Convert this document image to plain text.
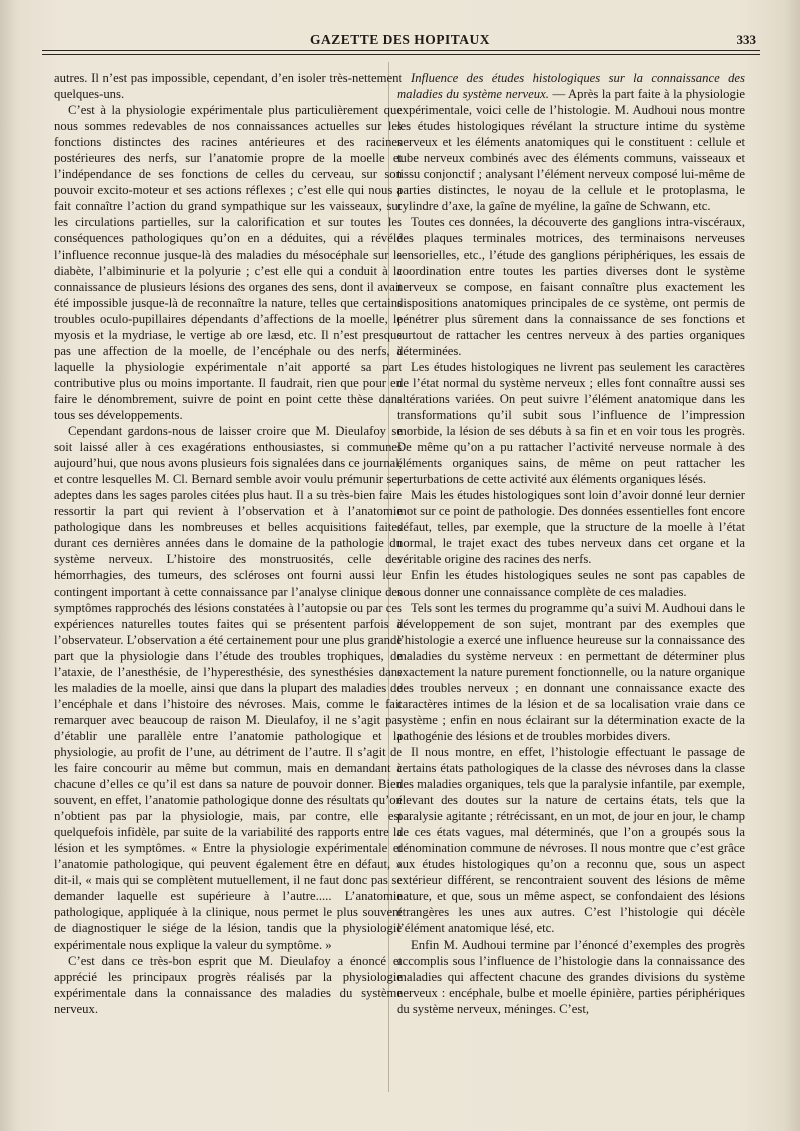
GAZETTE DES HOPITAUX	333

autres. Il n’est pas impossible, cependant, d’en isoler très-nettement quelques-uns.

C’est à la physiologie expérimentale plus particulièrement que nous sommes redevables de nos connaissances actuelles sur les fonctions distinctes des racines antérieures et des racines postérieures des nerfs, sur l’anatomie propre de la moelle et l’indépendance de ses fonctions de celles du cerveau, sur son pouvoir excito-moteur et ses actions réflexes ; c’est elle qui nous a fait connaître l’action du grand sympathique sur les vaisseaux, sur les circulations partielles, sur la calorification et sur toutes les conséquences pathologiques qu’on en a déduites, qui a révélé l’influence reconnue jusque-là des maladies du mésocéphale sur le diabète, l’albiminurie et la polyurie ; c’est elle qui a conduit à la connaissance de plusieurs lésions des organes des sens, dont il avait été impossible jusque-là de reconnaître la nature, telles que certains troubles oculo-pupillaires dépendants d’affections de la moelle, le myosis et la mydriase, le vertige ab ore læsd, etc. Il n’est presque pas une affection de la moelle, de l’encéphale ou des nerfs, à laquelle la physiologie expérimentale n’ait apporté sa part contributive plus ou moins importante. Il faudrait, rien que pour en faire le dénombrement, suivre de point en point cette thèse dans tous ses développements.

Cependant gardons-nous de laisser croire que M. Dieulafoy se soit laissé aller à ces exagérations enthousiastes, si communes aujourd’hui, que nous avons plusieurs fois signalées dans ce journal, et contre lesquelles M. Cl. Bernard semble avoir voulu prémunir ses adeptes dans les sages paroles citées plus haut. Il a su très-bien faire ressortir la part qui revient à l’observation et à l’anatomie pathologique dans les nombreuses et belles acquisitions faites durant ces dernières années dans le domaine de la pathologie du système nerveux. L’histoire des monstruosités, celle des hémorrhagies, des tumeurs, des scléroses ont fourni aussi leur contingent important à cette connaissance par l’analyse clinique des symptômes rapprochés des lésions constatées à l’autopsie ou par ces expériences naturelles toutes faites qui se présentent parfois à l’observateur. L’observation a été certainement pour une plus grande part que la physiologie dans l’étude des troubles trophiques, de l’ataxie, de l’anesthésie, de l’hyperesthésie, des synesthésies dans les maladies de la moelle, ainsi que dans la plupart des maladies de l’encéphale et dans l’histoire des névroses. Mais, comme le fait remarquer avec beaucoup de raison M. Dieulafoy, il ne s’agit pas d’établir une parallèle entre l’anatomie pathologique et la physiologie, au profit de l’une, au détriment de l’autre. Il s’agit de les faire concourir au même but commun, mais en demandant à chacune d’elles ce qu’il est dans sa nature de pouvoir donner. Bien souvent, en effet, l’anatomie pathologique donne des résultats qu’on n’obtient pas par la physiologie, mais, par contre, elle est quelquefois infidèle, par suite de la variabilité des rapports entre la lésion et les symptômes. « Entre la physiologie expérimentale et l’anatomie pathologique, qui peuvent également être en défaut, » dit-il, « mais qui se complètent mutuellement, il ne faut donc pas se demander laquelle est supérieure à l’autre..... L’anatomie pathologique, appliquée à la clinique, nous permet le plus souvent de diagnostiquer le siége de la lésion, tandis que la physiologie expérimentale nous explique la valeur du symptôme. »

C’est dans ce très-bon esprit que M. Dieulafoy a énoncé et apprécié les principaux progrès réalisés par la physiologie expérimentale dans la connaissance des maladies du système nerveux.

Influence des études histologiques sur la connaissance des maladies du système nerveux. — Après la part faite à la physiologie expérimentale, voici celle de l’histologie. M. Audhoui nous montre les études histologiques révélant la structure intime du système nerveux et les éléments anatomiques qui le constituent : cellule et tube nerveux combinés avec des éléments communs, vaisseaux et tissu conjonctif ; analysant l’élément nerveux composé lui-même de parties distinctes, le noyau de la cellule et le protoplasma, le cylindre d’axe, la gaîne de myéline, la gaîne de Schwann, etc.

Toutes ces données, la découverte des ganglions intra-viscéraux, des plaques terminales motrices, des terminaisons nerveuses sensorielles, etc., l’étude des ganglions périphériques, les essais de coordination entre toutes les parties diverses dont le système nerveux se compose, en faisant connaître plus exactement les dispositions anatomiques principales de ce système, ont permis de pénétrer plus sûrement dans la connaissance de ses fonctions et surtout de rattacher les centres nerveux à des parties organiques déterminées.

Les études histologiques ne livrent pas seulement les caractères de l’état normal du système nerveux ; elles font connaître aussi ses altérations variées. On peut suivre l’élément anatomique dans les transformations qu’il subit sous l’influence de l’impression morbide, la lésion de ses débuts à sa fin et en voir tous les progrès. De même qu’on a pu rattacher l’activité nerveuse normale à des éléments organiques sains, de même on peut rattacher les perturbations de cette activité aux éléments organiques lésés.

Mais les études histologiques sont loin d’avoir donné leur dernier mot sur ce point de pathologie. Des données essentielles font encore défaut, telles, par exemple, que la structure de la moelle à l’état normal, le trajet exact des tubes nerveux dans cet organe et la véritable origine des racines des nerfs.

Enfin les études histologiques seules ne sont pas capables de nous donner une connaissance complète de ces maladies.

Tels sont les termes du programme qu’a suivi M. Audhoui dans le développement de son sujet, montrant par des exemples que l’histologie a exercé une influence heureuse sur la connaissance des maladies du système nerveux : en permettant de déterminer plus exactement la nature purement fonctionnelle, ou la nature organique des troubles nerveux ; en donnant une connaissance exacte des caractères intimes de la lésion et de sa localisation vraie dans ce système ; enfin en nous éclairant sur la détermination exacte de la pathogénie des lésions et de troubles morbides divers.

Il nous montre, en effet, l’histologie effectuant le passage de certains états pathologiques de la classe des névroses dans la classe des maladies organiques, tels que la paralysie infantile, par exemple, élevant des doutes sur la nature de certains états, tels que la paralysie agitante ; rétrécissant, en un mot, de jour en jour, le champ de ces états vagues, mal déterminés, que l’on a groupés sous la dénomination commune de névroses. Il nous montre que c’est grâce aux études histologiques qu’on a reconnu que, sous un aspect extérieur différent, se rencontraient souvent des lésions de même nature, et que, sous un même aspect, se confondaient des lésions étrangères les unes aux autres. C’est l’histologie qui décèle l’élément anatomique lésé, etc.

Enfin M. Audhoui termine par l’énoncé d’exemples des progrès accomplis sous l’influence de l’histologie dans la connaissance des maladies qui affectent chacune des grandes divisions du système nerveux : encéphale, bulbe et moelle épinière, parties périphériques du système nerveux, méninges. C’est,
